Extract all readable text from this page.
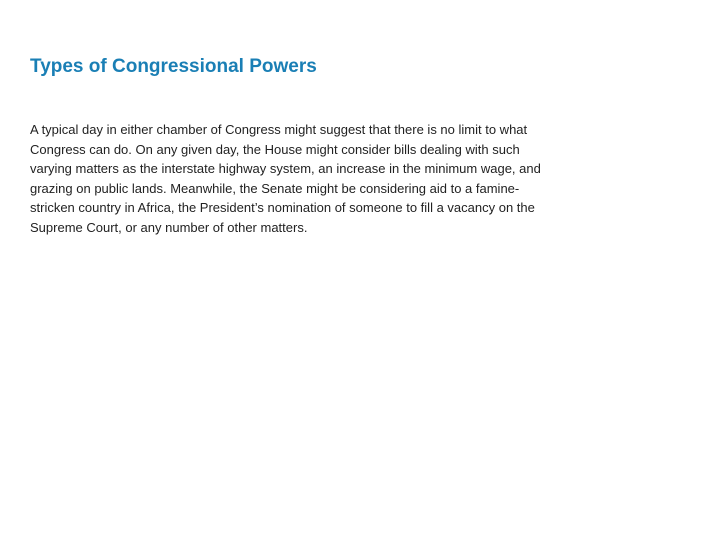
Types of Congressional Powers

A typical day in either chamber of Congress might suggest that there is no limit to what
Congress can do. On any given day, the House might consider bills dealing with such
varying matters as the interstate highway system, an increase in the minimum wage, and
grazing on public lands. Meanwhile, the Senate might be considering aid to a famine-
stricken country in Africa, the President’s nomination of someone to fill a vacancy on the
Supreme Court, or any number of other matters.
